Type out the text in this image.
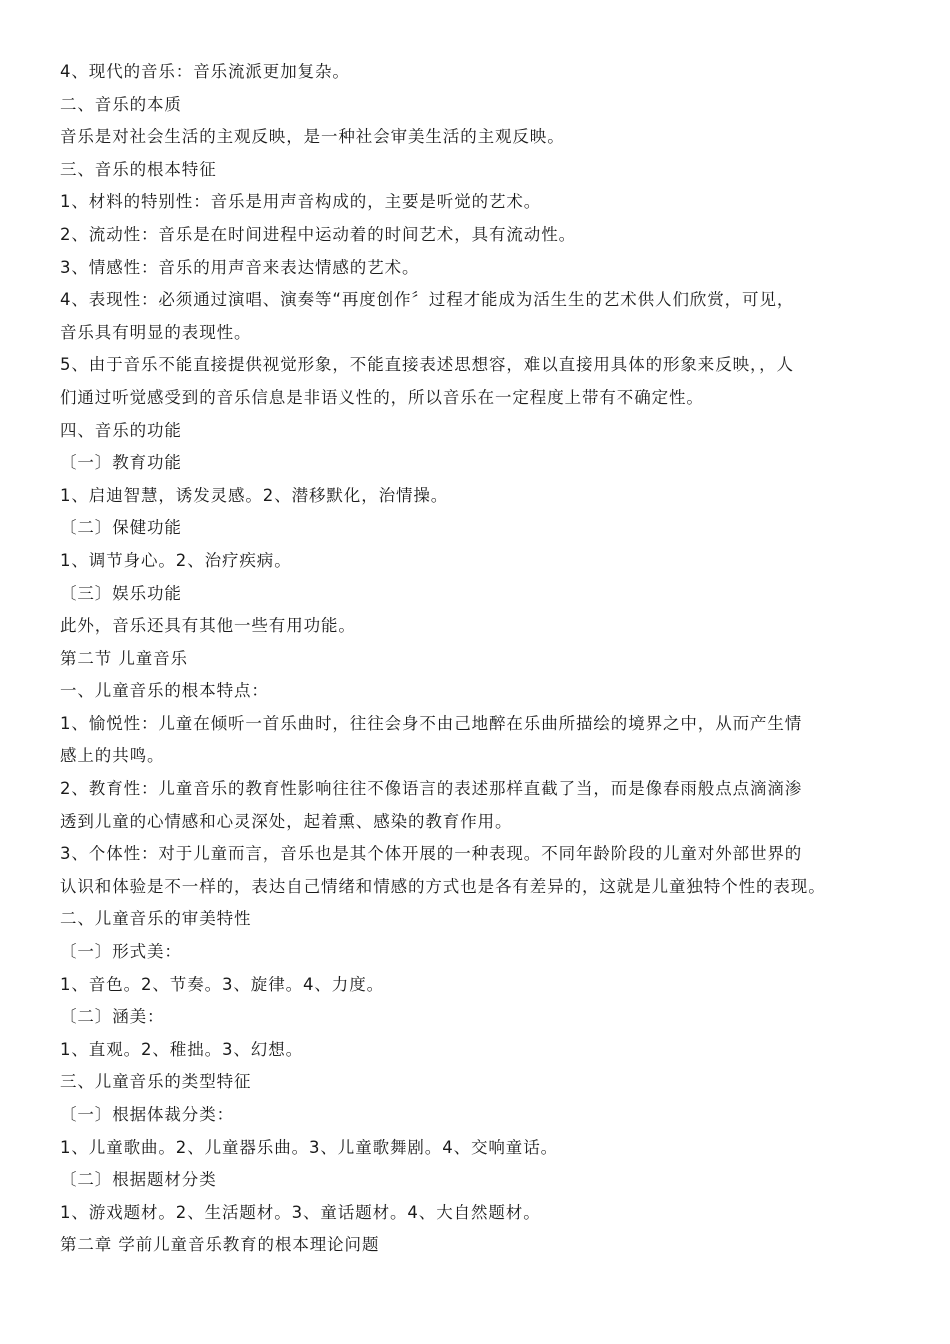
4、现代的音乐：音乐流派更加复杂。
二、音乐的本质
音乐是对社会生活的主观反映，是一种社会审美生活的主观反映。
三、音乐的根本特征
1、材料的特别性：音乐是用声音构成的，主要是听觉的艺术。
2、流动性：音乐是在时间进程中运动着的时间艺术，具有流动性。
3、情感性：音乐的用声音来表达情感的艺术。
4、表现性：必须通过演唱、演奏等“再度创作〞过程才能成为活生生的艺术供人们欣赏，可见，
音乐具有明显的表现性。
5、由于音乐不能直接提供视觉形象，不能直接表述思想容，难以直接用具体的形象来反映，，人
们通过听觉感受到的音乐信息是非语义性的，所以音乐在一定程度上带有不确定性。
四、音乐的功能
〔一〕教育功能
1、启迪智慧，诱发灵感。2、潜移默化，治情操。
〔二〕保健功能
1、调节身心。2、治疗疾病。
〔三〕娱乐功能
此外，音乐还具有其他一些有用功能。
第二节 儿童音乐
一、儿童音乐的根本特点：
1、愉悦性：儿童在倾听一首乐曲时，往往会身不由己地醉在乐曲所描绘的境界之中，从而产生情
感上的共鸣。
2、教育性：儿童音乐的教育性影响往往不像语言的表述那样直截了当，而是像春雨般点点滴滴渗
透到儿童的心情感和心灵深处，起着熏、感染的教育作用。
3、个体性：对于儿童而言，音乐也是其个体开展的一种表现。不同年龄阶段的儿童对外部世界的
认识和体验是不一样的，表达自己情绪和情感的方式也是各有差异的，这就是儿童独特个性的表现。
二、儿童音乐的审美特性
〔一〕形式美：
1、音色。2、节奏。3、旋律。4、力度。
〔二〕涵美：
1、直观。2、稚拙。3、幻想。
三、儿童音乐的类型特征
〔一〕根据体裁分类：
1、儿童歌曲。2、儿童器乐曲。3、儿童歌舞剧。4、交响童话。
〔二〕根据题材分类
1、游戏题材。2、生活题材。3、童话题材。4、大自然题材。
第二章 学前儿童音乐教育的根本理论问题
